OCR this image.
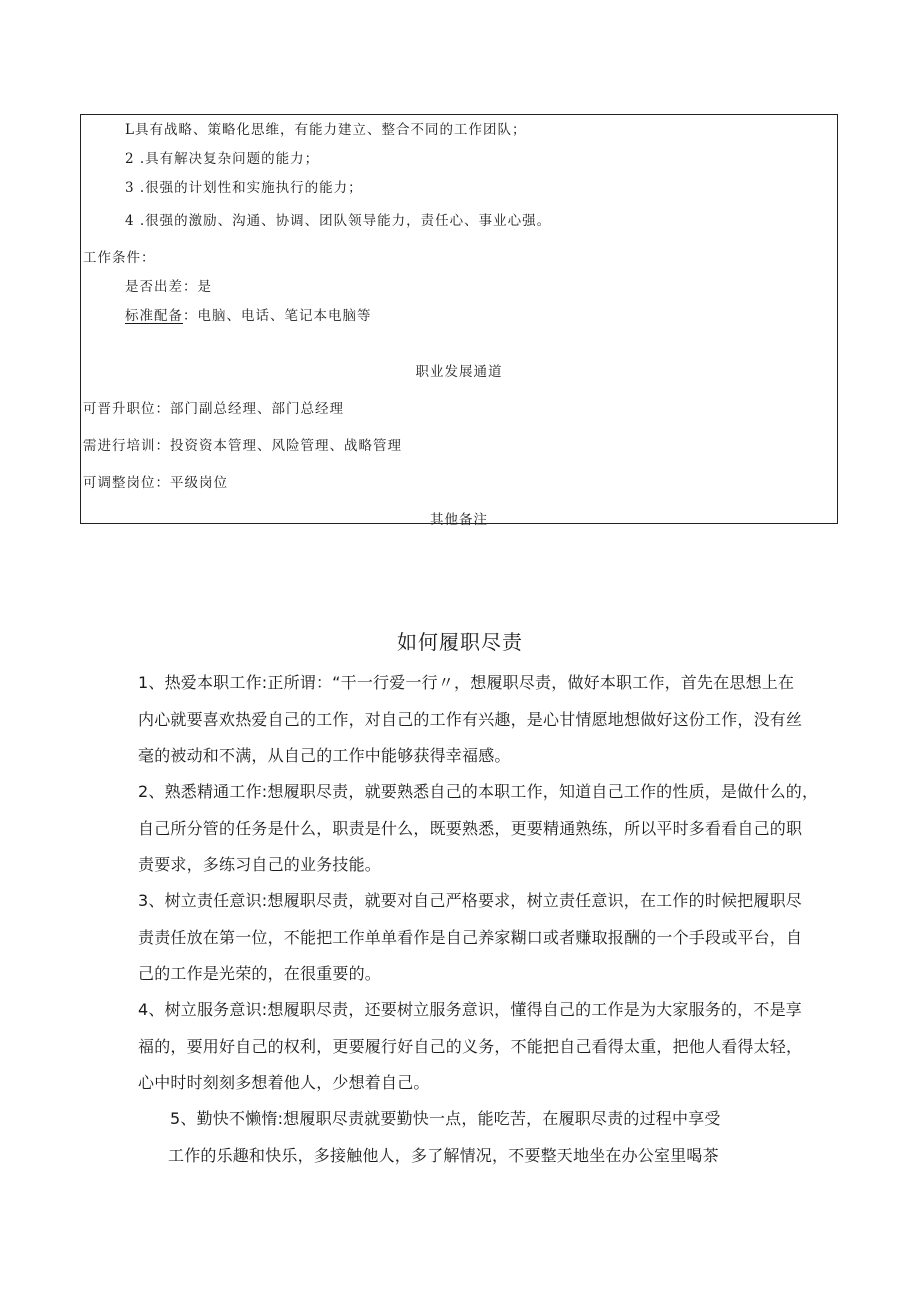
L具有战略、策略化思维，有能力建立、整合不同的工作团队；
2 .具有解决复杂问题的能力；
3 .很强的计划性和实施执行的能力；
4 .很强的激励、沟通、协调、团队领导能力，责任心、事业心强。
工作条件：
是否出差：是
标准配备：电脑、电话、笔记本电脑等
职业发展通道
可晋升职位：部门副总经理、部门总经理
需进行培训：投资资本管理、风险管理、战略管理
可调整岗位：平级岗位
其他备注
如何履职尽责
1、热爱本职工作:正所谓：“干一行爱一行〃，想履职尽责，做好本职工作，首先在思想上在
内心就要喜欢热爱自己的工作，对自己的工作有兴趣，是心甘情愿地想做好这份工作，没有丝
毫的被动和不满，从自己的工作中能够获得幸福感。
2、熟悉精通工作:想履职尽责，就要熟悉自己的本职工作，知道自己工作的性质，是做什么的，
自己所分管的任务是什么，职责是什么，既要熟悉，更要精通熟练，所以平时多看看自己的职
责要求，多练习自己的业务技能。
3、树立责任意识:想履职尽责，就要对自己严格要求，树立责任意识，在工作的时候把履职尽
责责任放在第一位，不能把工作单单看作是自己养家糊口或者赚取报酬的一个手段或平台，自
己的工作是光荣的，在很重要的。
4、树立服务意识:想履职尽责，还要树立服务意识，懂得自己的工作是为大家服务的，不是享
福的，要用好自己的权利，更要履行好自己的义务，不能把自己看得太重，把他人看得太轻，
心中时时刻刻多想着他人，少想着自己。
5、勤快不懒惰:想履职尽责就要勤快一点，能吃苦，在履职尽责的过程中享受
工作的乐趣和快乐，多接触他人，多了解情况，不要整天地坐在办公室里喝茶
